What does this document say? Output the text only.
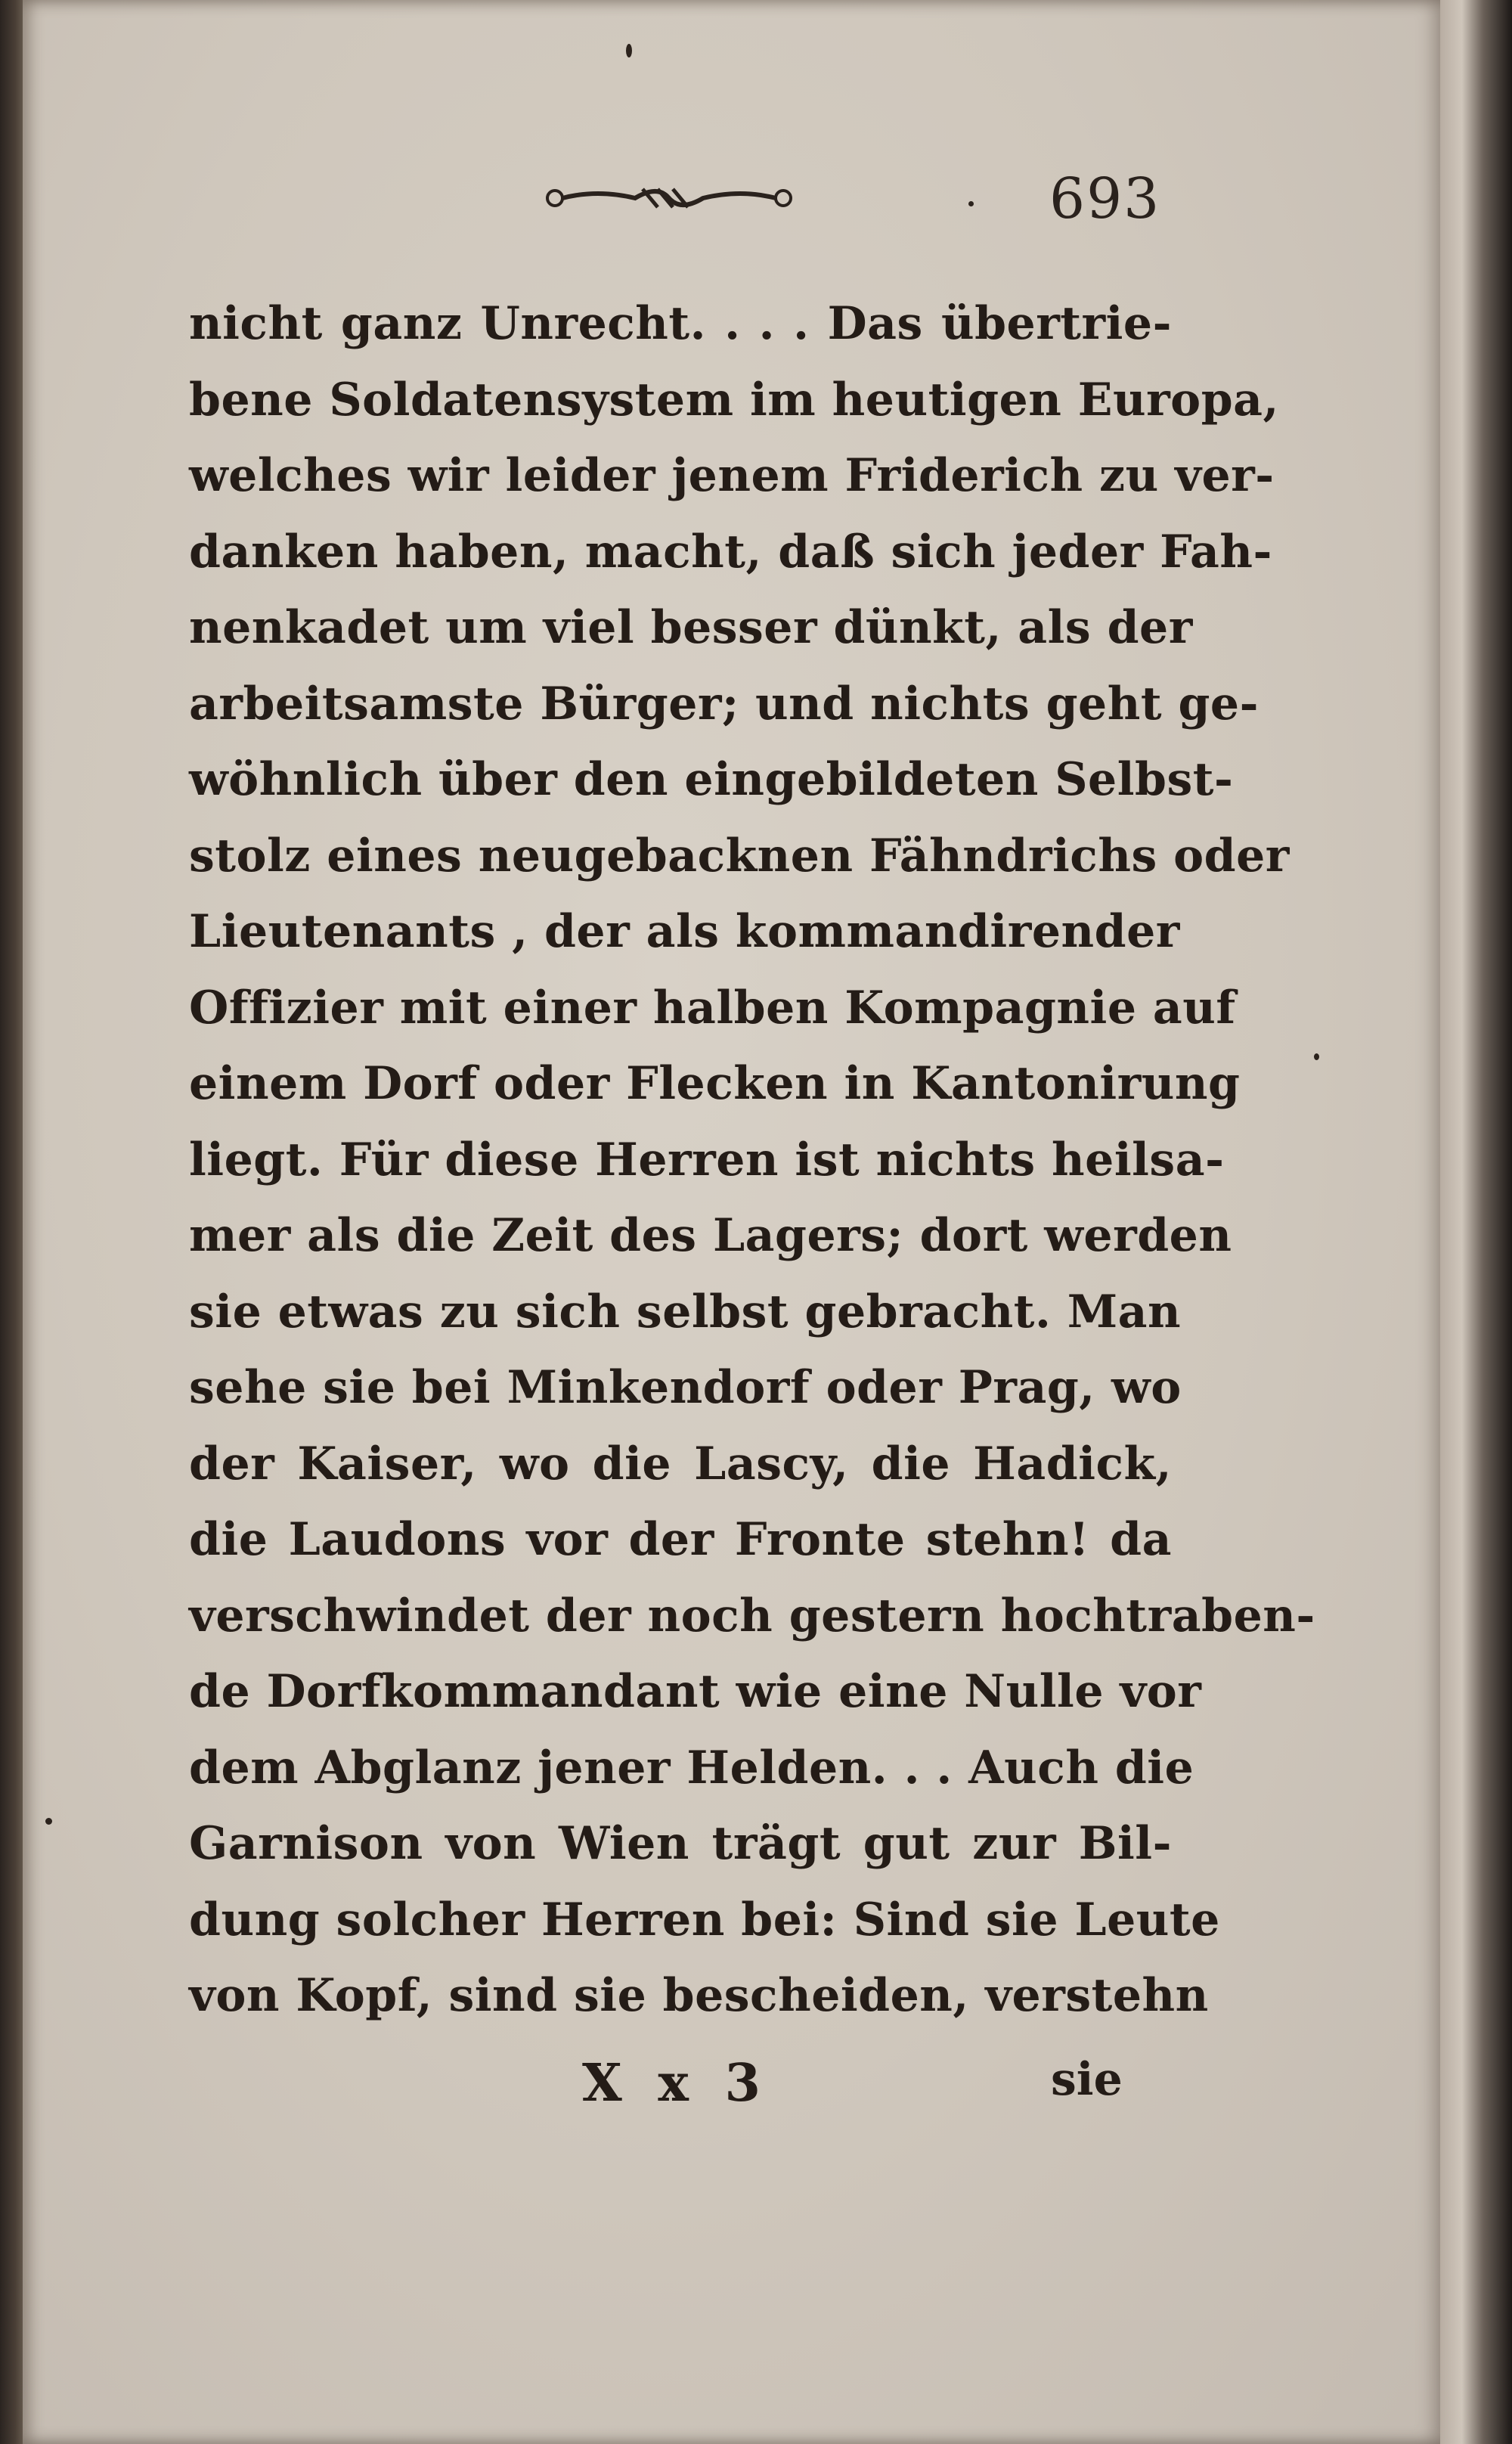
693
nicht ganz Unrecht. . . . Das übertrie-
bene Soldatensystem im heutigen Europa,
welches wir leider jenem Friderich zu ver-
danken haben, macht, daß sich jeder Fah-
nenkadet um viel besser dünkt, als der
arbeitsamste Bürger; und nichts geht ge-
wöhnlich über den eingebildeten Selbst-
stolz eines neugebacknen Fähndrichs oder
Lieutenants , der als kommandirender
Offizier mit einer halben Kompagnie auf
einem Dorf oder Flecken in Kantonirung
liegt. Für diese Herren ist nichts heilsa-
mer als die Zeit des Lagers; dort werden
sie etwas zu sich selbst gebracht. Man
sehe sie bei Minkendorf oder Prag, wo
der Kaiser, wo die Lascy, die Hadick,
die Laudons vor der Fronte stehn! da
verschwindet der noch gestern hochtraben-
de Dorfkommandant wie eine Nulle vor
dem Abglanz jener Helden. . . Auch die
Garnison von Wien trägt gut zur Bil-
dung solcher Herren bei: Sind sie Leute
von Kopf, sind sie bescheiden, verstehn
X x 3	sie
